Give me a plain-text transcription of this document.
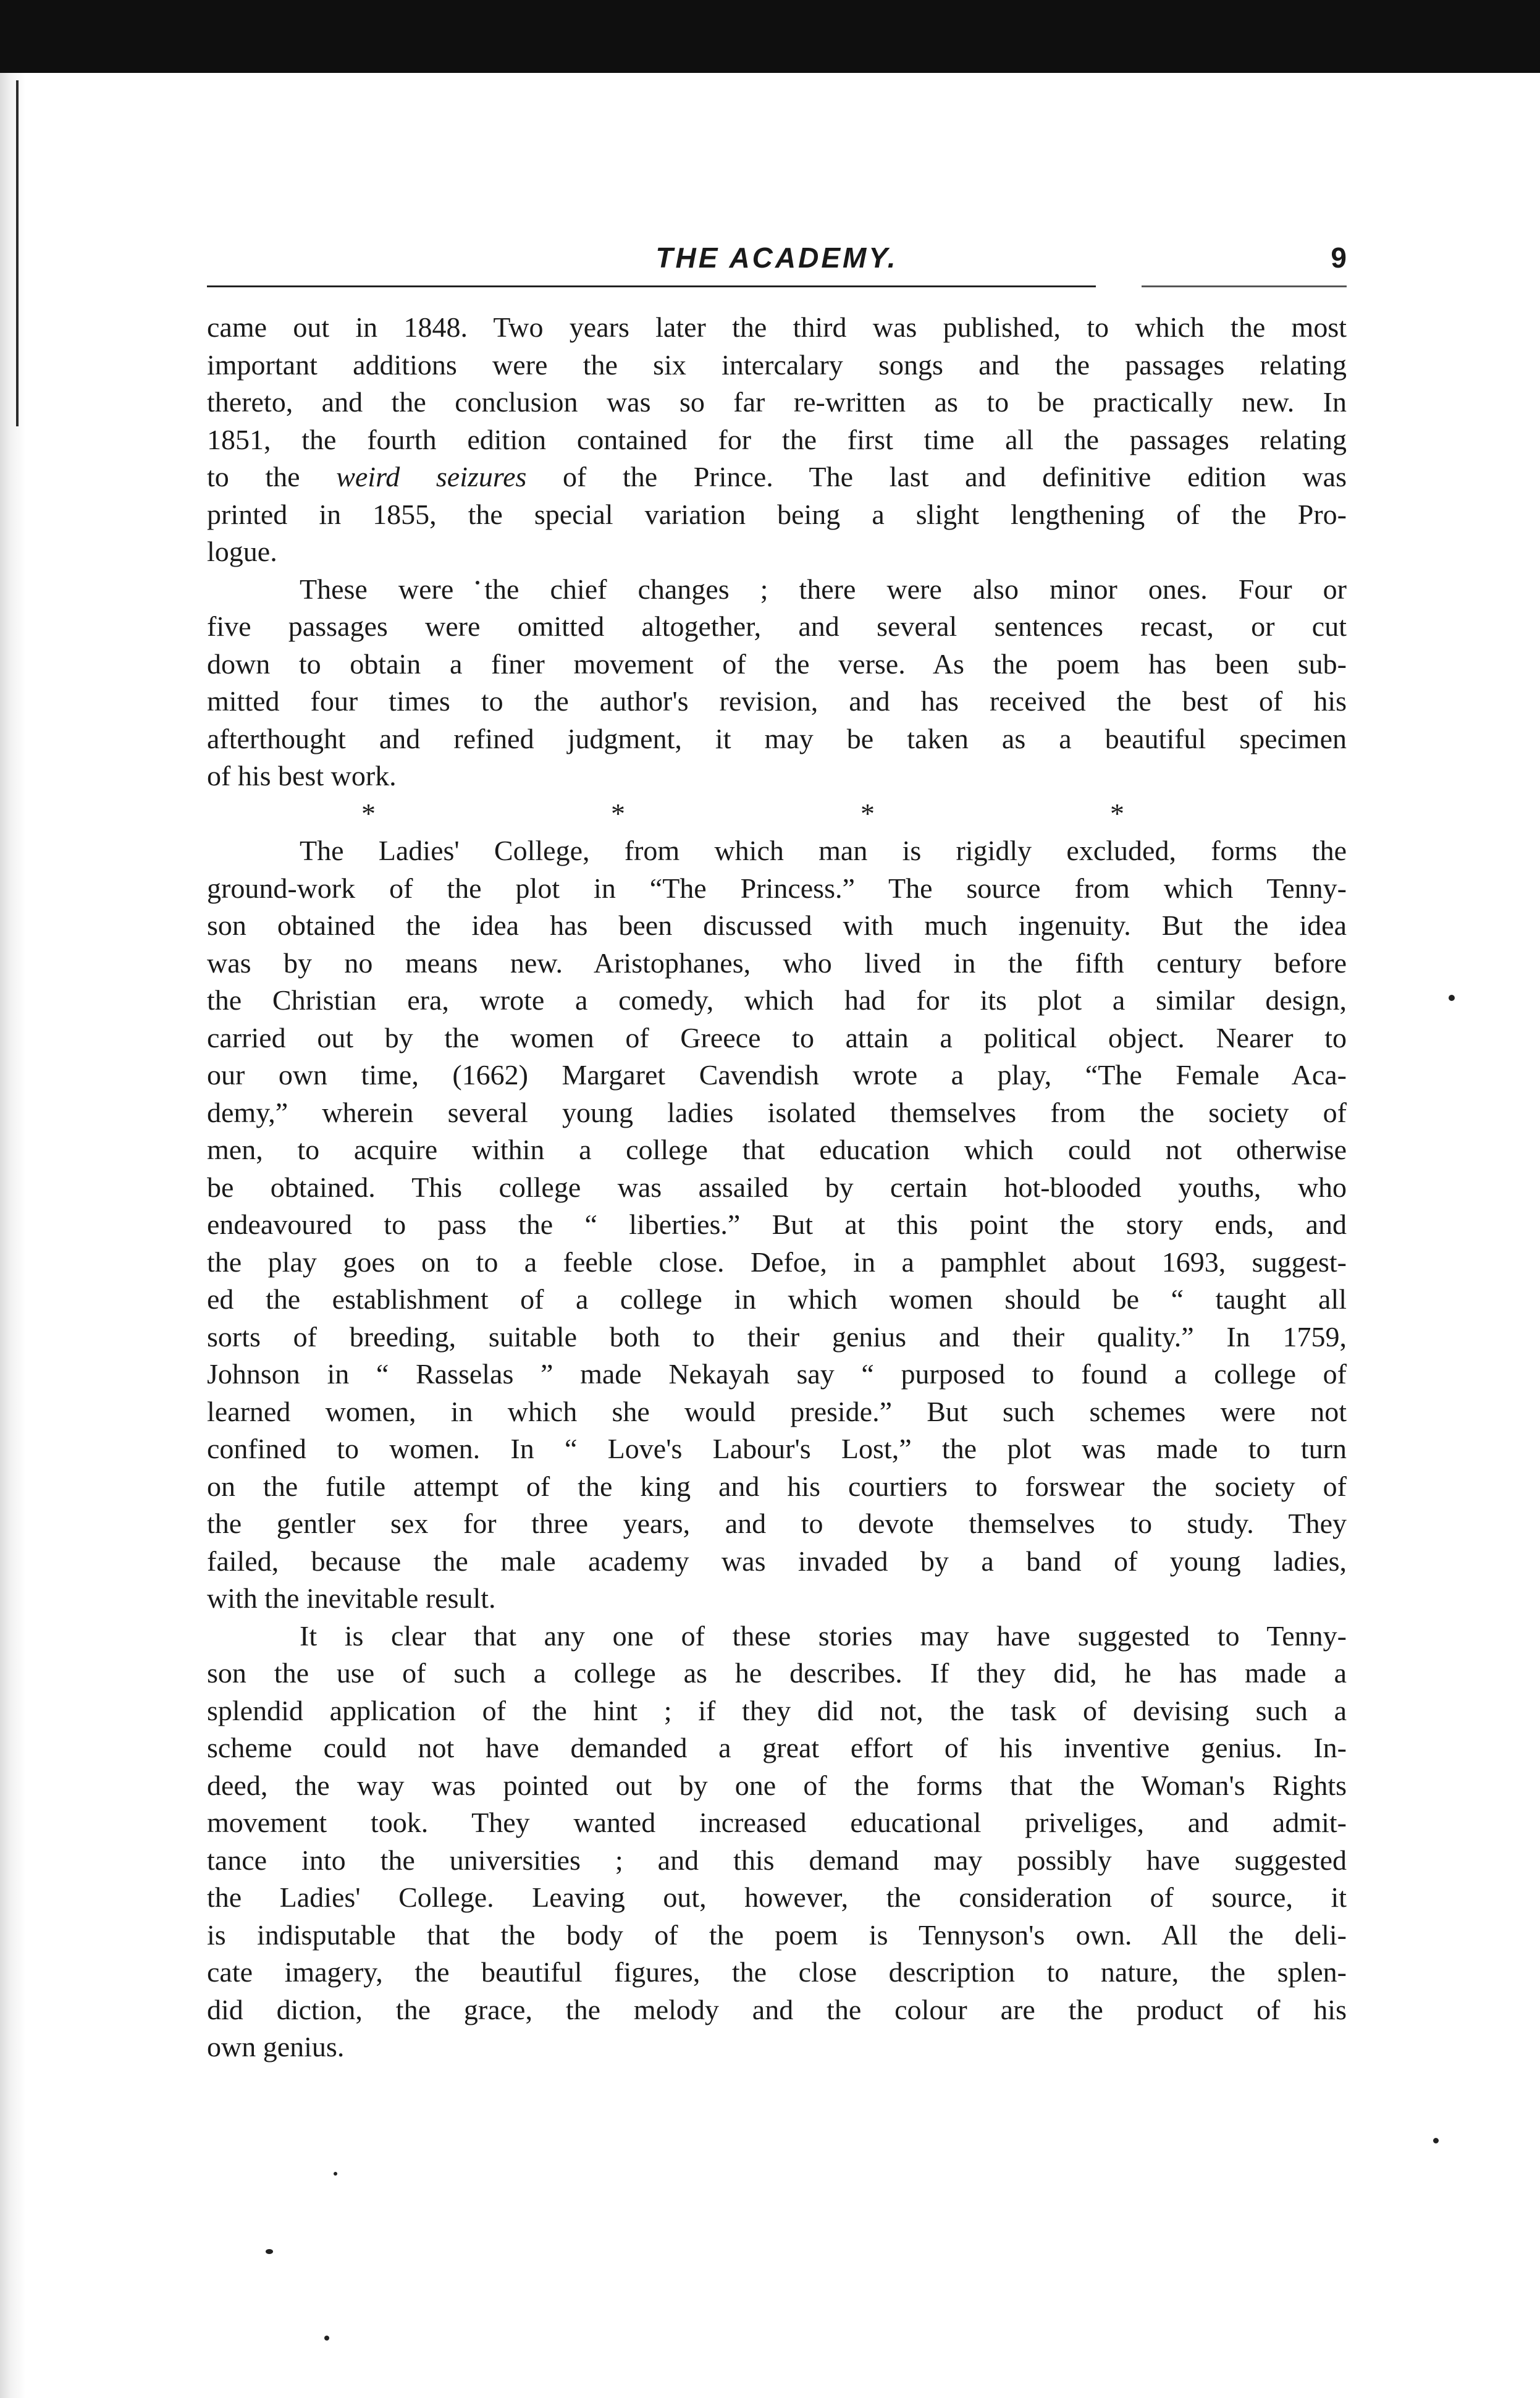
THE ACADEMY.	9

came out in 1848. Two years later the third was published, to which the most
important additions were the six intercalary songs and the passages relating
thereto, and the conclusion was so far re-written as to be practically new. In
1851, the fourth edition contained for the first time all the passages relating
to the weird seizures of the Prince. The last and definitive edition was
printed in 1855, the special variation being a slight lengthening of the Pro-
logue.

These were the chief changes ; there were also minor ones. Four or
five passages were omitted altogether, and several sentences recast, or cut
down to obtain a finer movement of the verse. As the poem has been sub-
mitted four times to the author's revision, and has received the best of his
afterthought and refined judgment, it may be taken as a beautiful specimen
of his best work.

*	*	*	*

The Ladies' College, from which man is rigidly excluded, forms the
ground-work of the plot in “The Princess.” The source from which Tenny-
son obtained the idea has been discussed with much ingenuity. But the idea
was by no means new. Aristophanes, who lived in the fifth century before
the Christian era, wrote a comedy, which had for its plot a similar design,
carried out by the women of Greece to attain a political object. Nearer to
our own time, (1662) Margaret Cavendish wrote a play, “The Female Aca-
demy,” wherein several young ladies isolated themselves from the society of
men, to acquire within a college that education which could not otherwise
be obtained. This college was assailed by certain hot-blooded youths, who
endeavoured to pass the “ liberties.” But at this point the story ends, and
the play goes on to a feeble close. Defoe, in a pamphlet about 1693, suggest-
ed the establishment of a college in which women should be “ taught all
sorts of breeding, suitable both to their genius and their quality.” In 1759,
Johnson in “ Rasselas ” made Nekayah say “ purposed to found a college of
learned women, in which she would preside.” But such schemes were not
confined to women. In “ Love's Labour's Lost,” the plot was made to turn
on the futile attempt of the king and his courtiers to forswear the society of
the gentler sex for three years, and to devote themselves to study. They
failed, because the male academy was invaded by a band of young ladies,
with the inevitable result.

It is clear that any one of these stories may have suggested to Tenny-
son the use of such a college as he describes. If they did, he has made a
splendid application of the hint ; if they did not, the task of devising such a
scheme could not have demanded a great effort of his inventive genius. In-
deed, the way was pointed out by one of the forms that the Woman's Rights
movement took. They wanted increased educational priveliges, and admit-
tance into the universities ; and this demand may possibly have suggested
the Ladies' College. Leaving out, however, the consideration of source, it
is indisputable that the body of the poem is Tennyson's own. All the deli-
cate imagery, the beautiful figures, the close description to nature, the splen-
did diction, the grace, the melody and the colour are the product of his
own genius.
